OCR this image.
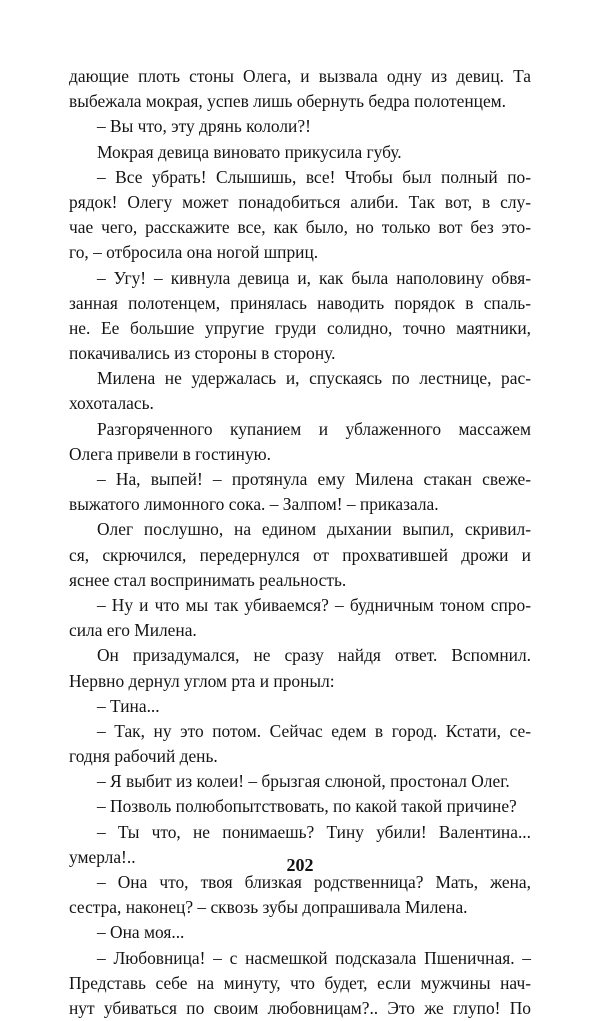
дающие плоть стоны Олега, и вызвала одну из девиц. Та
выбежала мокрая, успев лишь обернуть бедра полотенцем.
– Вы что, эту дрянь кололи?!
Мокрая девица виновато прикусила губу.
– Все убрать! Слышишь, все! Чтобы был полный по-
рядок! Олегу может понадобиться алиби. Так вот, в слу-
чае чего, расскажите все, как было, но только вот без это-
го, – отбросила она ногой шприц.
– Угу! – кивнула девица и, как была наполовину обвя-
занная полотенцем, принялась наводить порядок в спаль-
не. Ее большие упругие груди солидно, точно маятники,
покачивались из стороны в сторону.
Милена не удержалась и, спускаясь по лестнице, рас-
хохоталась.
Разгоряченного купанием и ублаженного массажем
Олега привели в гостиную.
– На, выпей! – протянула ему Милена стакан свеже-
выжатого лимонного сока. – Залпом! – приказала.
Олег послушно, на едином дыхании выпил, скривил-
ся, скрючился, передернулся от прохватившей дрожи и
яснее стал воспринимать реальность.
– Ну и что мы так убиваемся? – будничным тоном спро-
сила его Милена.
Он призадумался, не сразу найдя ответ. Вспомнил.
Нервно дернул углом рта и проныл:
– Тина...
– Так, ну это потом. Сейчас едем в город. Кстати, се-
годня рабочий день.
– Я выбит из колеи! – брызгая слюной, простонал Олег.
– Позволь полюбопытствовать, по какой такой причине?
– Ты что, не понимаешь? Тину убили! Валентина...
умерла!..
– Она что, твоя близкая родственница? Мать, жена,
сестра, наконец? – сквозь зубы допрашивала Милена.
– Она моя...
– Любовница! – с насмешкой подсказала Пшеничная. –
Представь себе на минуту, что будет, если мужчины нач-
нут убиваться по своим любовницам?.. Это же глупо! По
202
